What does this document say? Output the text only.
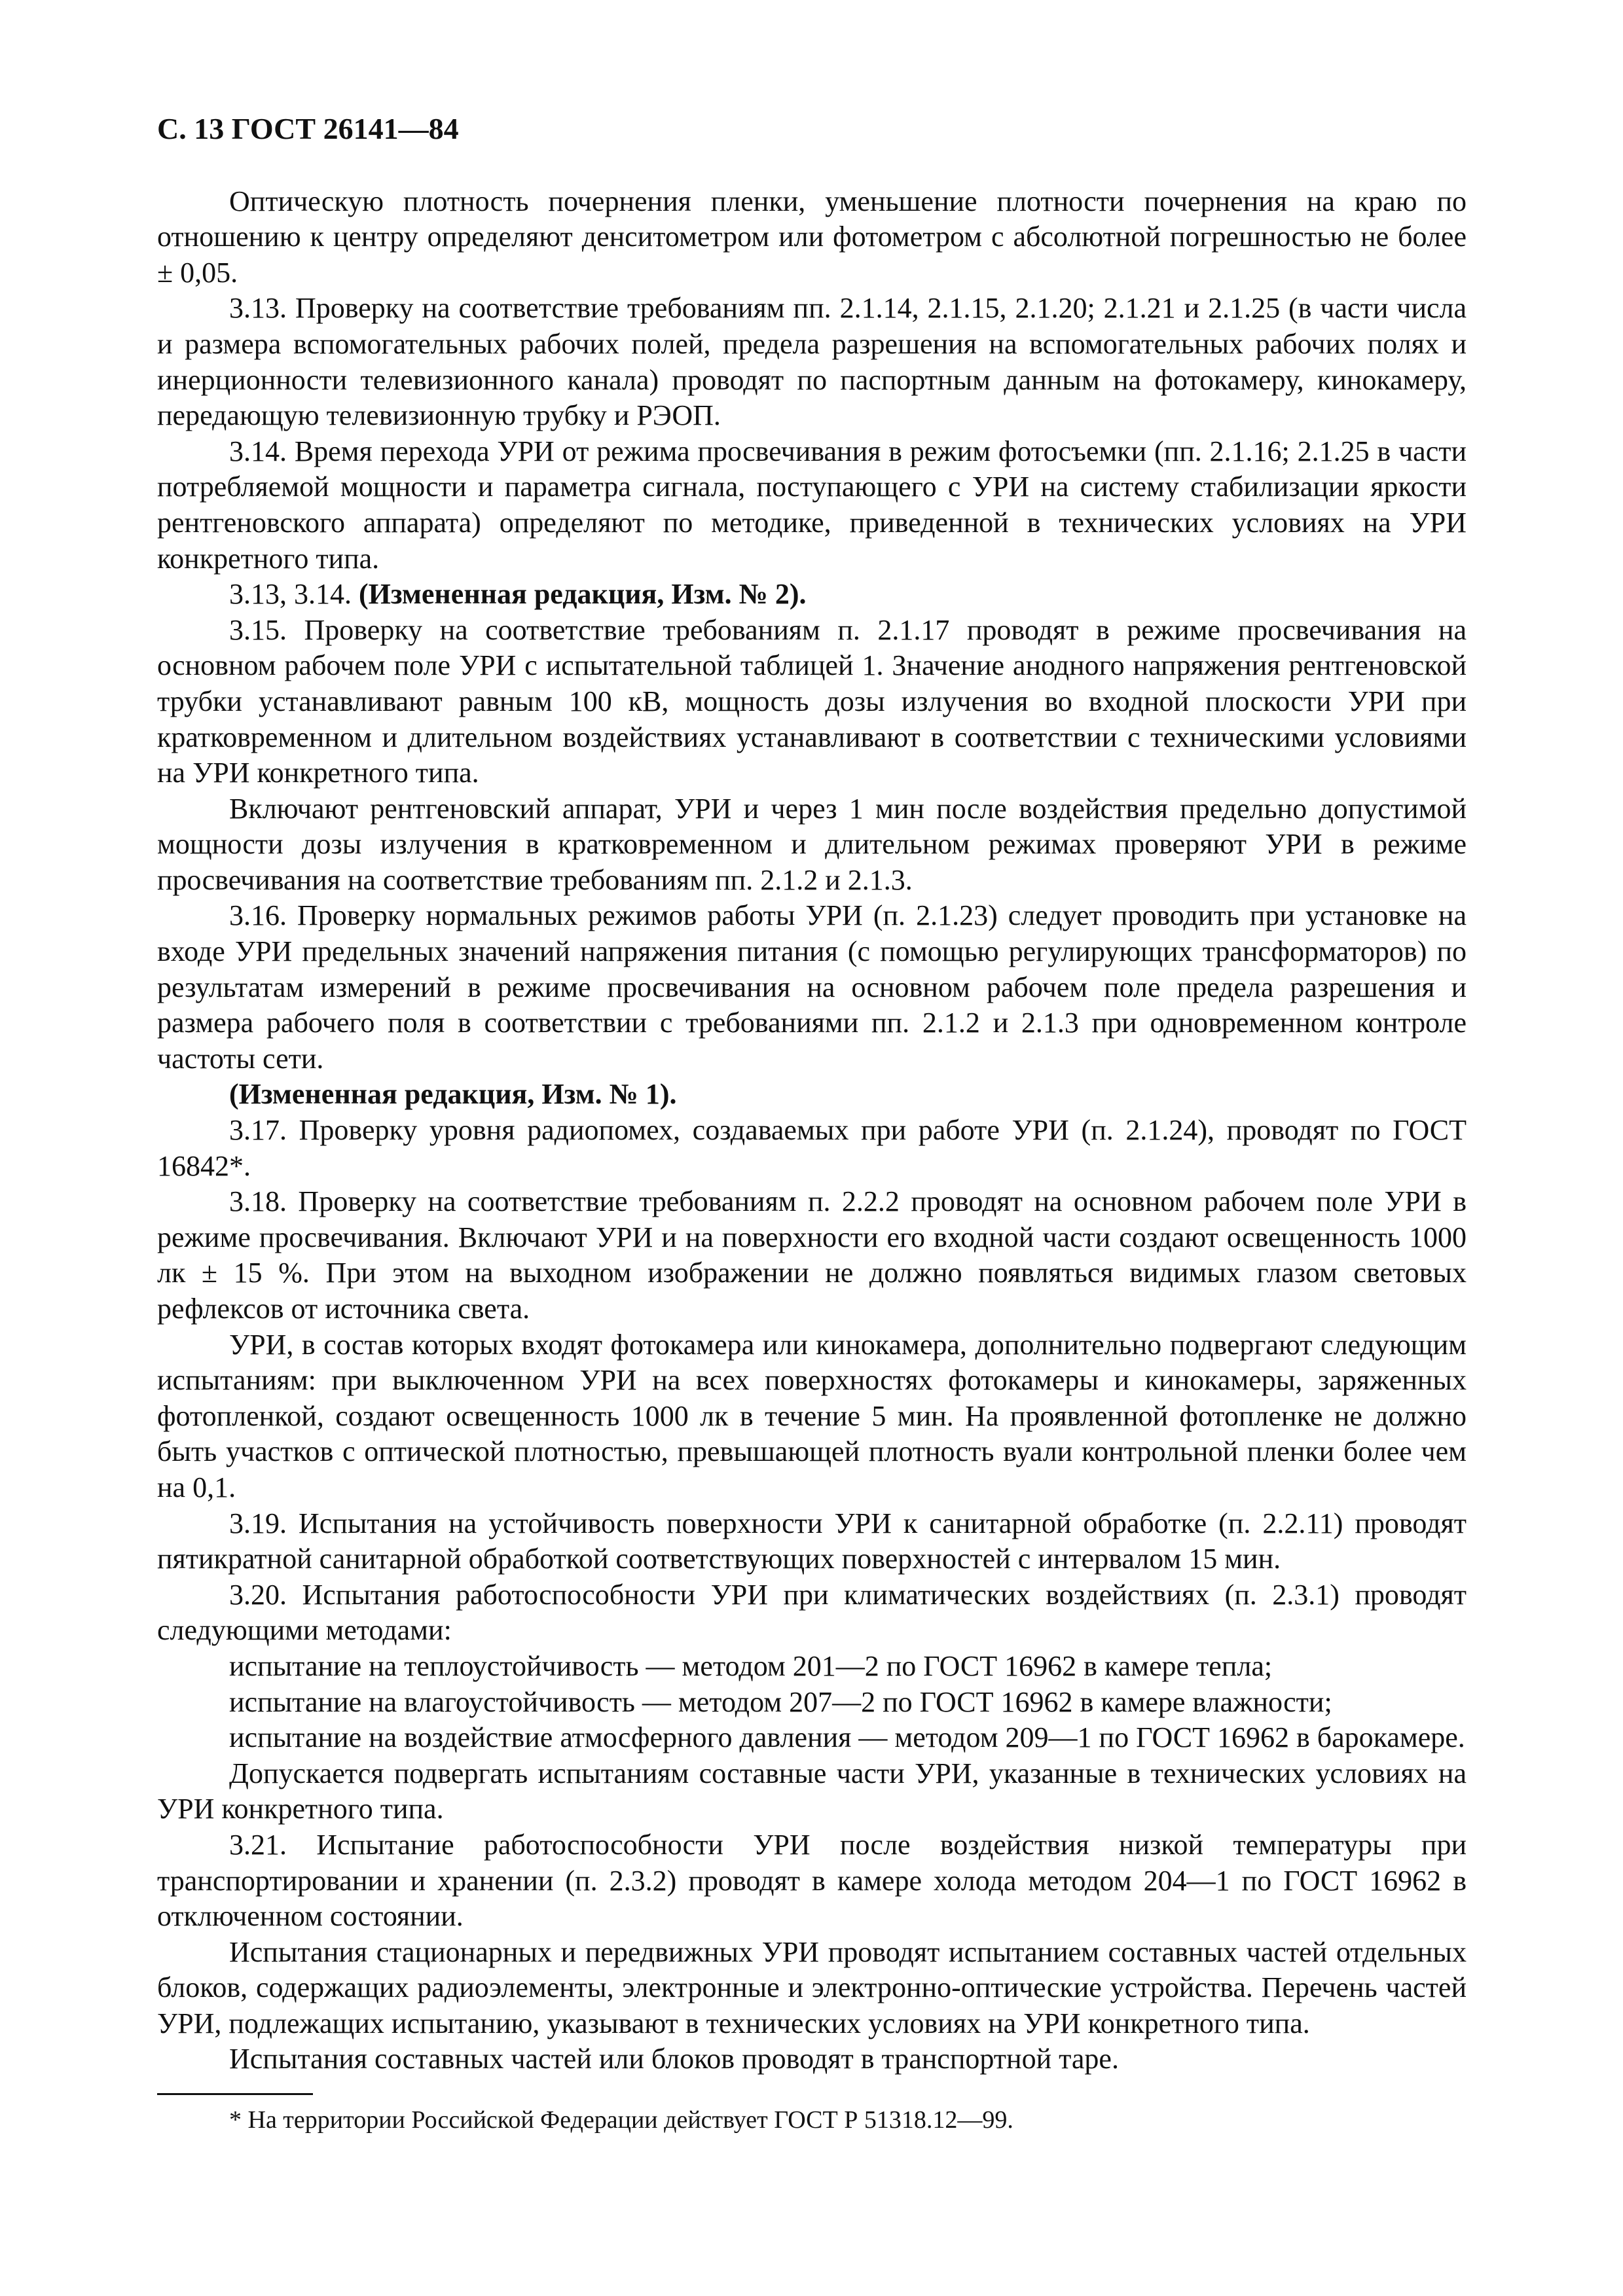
С. 13 ГОСТ 26141—84

Оптическую плотность почернения пленки, уменьшение плотности почернения на краю по отношению к центру определяют денситометром или фотометром с абсолютной погрешностью не более ± 0,05.

3.13. Проверку на соответствие требованиям пп. 2.1.14, 2.1.15, 2.1.20; 2.1.21 и 2.1.25 (в части числа и размера вспомогательных рабочих полей, предела разрешения на вспомогательных рабочих полях и инерционности телевизионного канала) проводят по паспортным данным на фотокамеру, кинокамеру, передающую телевизионную трубку и РЭОП.

3.14. Время перехода УРИ от режима просвечивания в режим фотосъемки (пп. 2.1.16; 2.1.25 в части потребляемой мощности и параметра сигнала, поступающего с УРИ на систему стабилизации яркости рентгеновского аппарата) определяют по методике, приведенной в технических условиях на УРИ конкретного типа.

3.13, 3.14. (Измененная редакция, Изм. № 2).

3.15. Проверку на соответствие требованиям п. 2.1.17 проводят в режиме просвечивания на основном рабочем поле УРИ с испытательной таблицей 1. Значение анодного напряжения рентгеновской трубки устанавливают равным 100 кВ, мощность дозы излучения во входной плоскости УРИ при кратковременном и длительном воздействиях устанавливают в соответствии с техническими условиями на УРИ конкретного типа.

Включают рентгеновский аппарат, УРИ и через 1 мин после воздействия предельно допустимой мощности дозы излучения в кратковременном и длительном режимах проверяют УРИ в режиме просвечивания на соответствие требованиям пп. 2.1.2 и 2.1.3.

3.16. Проверку нормальных режимов работы УРИ (п. 2.1.23) следует проводить при установке на входе УРИ предельных значений напряжения питания (с помощью регулирующих трансформаторов) по результатам измерений в режиме просвечивания на основном рабочем поле предела разрешения и размера рабочего поля в соответствии с требованиями пп. 2.1.2 и 2.1.3 при одновременном контроле частоты сети.

(Измененная редакция, Изм. № 1).

3.17. Проверку уровня радиопомех, создаваемых при работе УРИ (п. 2.1.24), проводят по ГОСТ 16842*.

3.18. Проверку на соответствие требованиям п. 2.2.2 проводят на основном рабочем поле УРИ в режиме просвечивания. Включают УРИ и на поверхности его входной части создают освещенность 1000 лк ± 15 %. При этом на выходном изображении не должно появляться видимых глазом световых рефлексов от источника света.

УРИ, в состав которых входят фотокамера или кинокамера, дополнительно подвергают следующим испытаниям: при выключенном УРИ на всех поверхностях фотокамеры и кинокамеры, заряженных фотопленкой, создают освещенность 1000 лк в течение 5 мин. На проявленной фотопленке не должно быть участков с оптической плотностью, превышающей плотность вуали контрольной пленки более чем на 0,1.

3.19. Испытания на устойчивость поверхности УРИ к санитарной обработке (п. 2.2.11) проводят пятикратной санитарной обработкой соответствующих поверхностей с интервалом 15 мин.

3.20. Испытания работоспособности УРИ при климатических воздействиях (п. 2.3.1) проводят следующими методами:

испытание на теплоустойчивость — методом 201—2 по ГОСТ 16962 в камере тепла;

испытание на влагоустойчивость — методом 207—2 по ГОСТ 16962 в камере влажности;

испытание на воздействие атмосферного давления — методом 209—1 по ГОСТ 16962 в барокамере.

Допускается подвергать испытаниям составные части УРИ, указанные в технических условиях на УРИ конкретного типа.

3.21. Испытание работоспособности УРИ после воздействия низкой температуры при транспортировании и хранении (п. 2.3.2) проводят в камере холода методом 204—1 по ГОСТ 16962 в отключенном состоянии.

Испытания стационарных и передвижных УРИ проводят испытанием составных частей отдельных блоков, содержащих радиоэлементы, электронные и электронно-оптические устройства. Перечень частей УРИ, подлежащих испытанию, указывают в технических условиях на УРИ конкретного типа.

Испытания составных частей или блоков проводят в транспортной таре.

* На территории Российской Федерации действует ГОСТ Р 51318.12—99.
